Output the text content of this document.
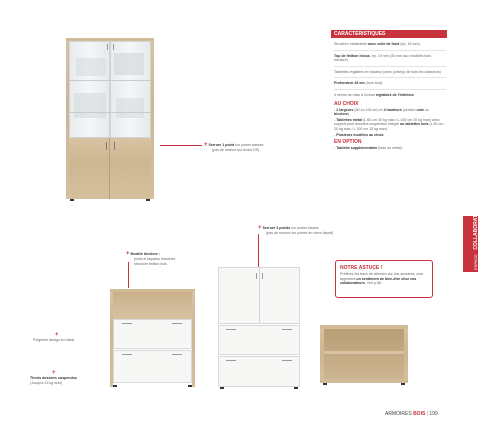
+ Serrure 1 point sur portes basses
(pas de serrure sur tiroirs DS)
CARACTÉRISTIQUES
Structure mélaminée avec voile de fond (ép. 16 mm).
Top de finition inclus, ép. 19 mm (30 mm aux modèles bois bicolore).
Tablettes réglables en hauteur (avec porte(s) de bois les classeurs)
Profondeur 45 cm (hors tout).
4 vérins de mise à niveau réglables de l'intérieur.
AU CHOIX
- 2 largeurs (80 ou 100 cm) et 4 hauteurs (version unie ou bicolore).
- Tablettes métal (L 80 cm 40 kg max / L 100 cm 30 kg max) avec support pour dossiers suspendus intégré ou tablettes bois (L 80 cm 20 kg max / L 100 cm 15 kg max).
- Plusieurs modèles au choix.
EN OPTION
- Tablette supplémentaire (bois ou métal).
ESPACE COLLABORATION
+ Serrure 3 points sur portes hautes
(pas de serrure sur portes en verre dépoli)
NOTRE ASTUCE !
Préférez les bacs de cillentes sur vos armoires, cela apportera un sentiment de bien-être chez vos collaborateurs. Voir p.86.
+ Modèle bicolore :
joints et façades blanches
structure finition bois
+
Poignées design en métal
+
Tiroirs dossiers suspendus
(Jusqu'à 15 kg max)
ARMOIRES BOIS | 199
